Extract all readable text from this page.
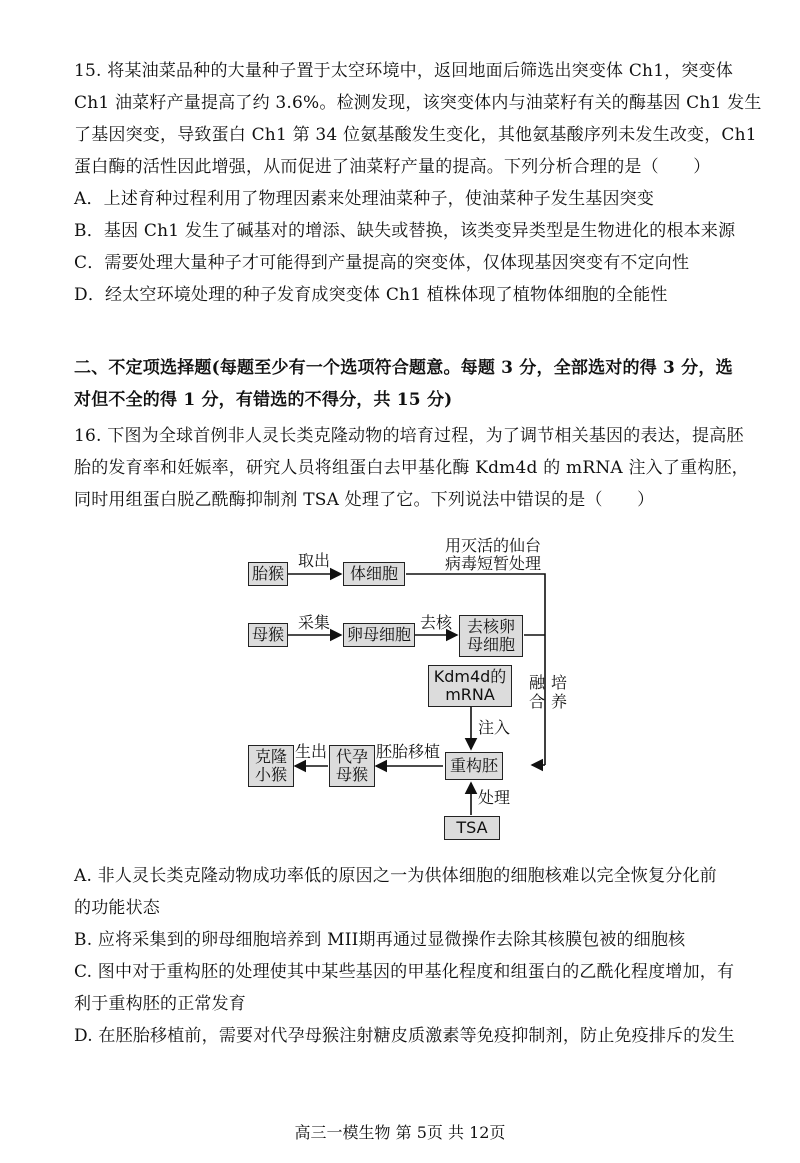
15. 将某油菜品种的大量种子置于太空环境中，返回地面后筛选出突变体 Ch1，突变体
Ch1 油菜籽产量提高了约 3.6%。检测发现，该突变体内与油菜籽有关的酶基因 Ch1 发生
了基因突变，导致蛋白 Ch1 第 34 位氨基酸发生变化，其他氨基酸序列未发生改变，Ch1
蛋白酶的活性因此增强，从而促进了油菜籽产量的提高。下列分析合理的是（　　）
A．上述育种过程利用了物理因素来处理油菜种子，使油菜种子发生基因突变
B．基因 Ch1 发生了碱基对的增添、缺失或替换，该类变异类型是生物进化的根本来源
C．需要处理大量种子才可能得到产量提高的突变体，仅体现基因突变有不定向性
D．经太空环境处理的种子发育成突变体 Ch1 植株体现了植物体细胞的全能性
二、不定项选择题(每题至少有一个选项符合题意。每题 3 分，全部选对的得 3 分，选
对但不全的得 1 分，有错选的不得分，共 15 分)
16. 下图为全球首例非人灵长类克隆动物的培育过程，为了调节相关基因的表达，提高胚
胎的发育率和妊娠率，研究人员将组蛋白去甲基化酶 Kdm4d 的 mRNA 注入了重构胚，
同时用组蛋白脱乙酰酶抑制剂 TSA 处理了它。下列说法中错误的是（　　）
胎猴	体细胞
母猴	卵母细胞	去核卵
母细胞
Kdm4d的
mRNA
重构胚
TSA
代孕
母猴
克隆
小猴
取出
用灭活的仙台
病毒短暂处理
采集	去核
融
合
培
养
注入
处理
胚胎移植
生出
A. 非人灵长类克隆动物成功率低的原因之一为供体细胞的细胞核难以完全恢复分化前
的功能状态
B. 应将采集到的卵母细胞培养到 MII期再通过显微操作去除其核膜包被的细胞核
C. 图中对于重构胚的处理使其中某些基因的甲基化程度和组蛋白的乙酰化程度增加，有
利于重构胚的正常发育
D. 在胚胎移植前，需要对代孕母猴注射糖皮质激素等免疫抑制剂，防止免疫排斥的发生
高三一模生物 第 5页 共 12页
